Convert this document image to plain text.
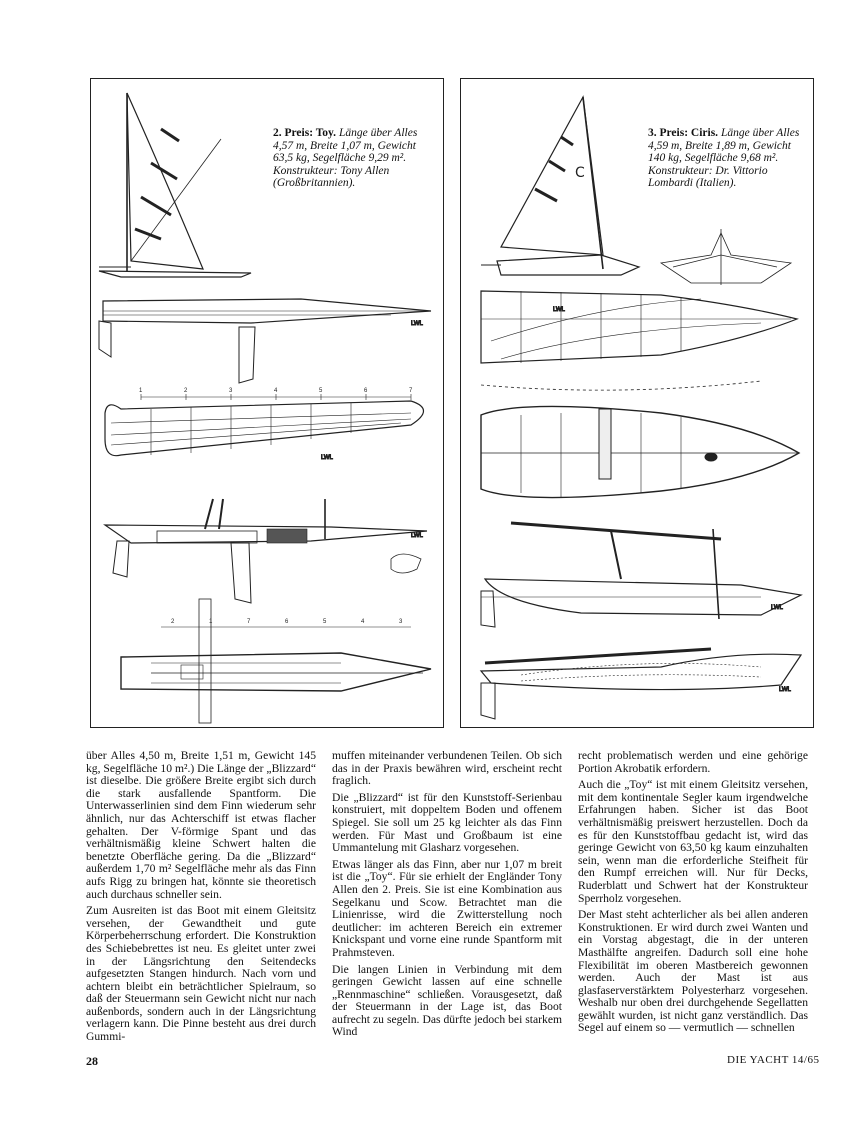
2. Preis: Toy. Länge über Alles 4,57 m, Breite 1,07 m, Gewicht 63,5 kg, Segelfläche 9,29 m². Konstrukteur: Tony Allen (Großbritannien).
LWL
1	2	3	4	5	6	7
LWL
LWL
2	1	7	6	5	4	3
3. Preis: Ciris. Länge über Alles 4,59 m, Breite 1,89 m, Gewicht 140 kg, Segelfläche 9,68 m². Konstrukteur: Dr. Vittorio Lombardi (Italien).
C
LWL
LWL
LWL

über Alles 4,50 m, Breite 1,51 m, Gewicht 145 kg, Segelfläche 10 m².) Die Länge der „Blizzard“ ist dieselbe. Die größere Breite ergibt sich durch die stark ausfallende Spantform. Die Unterwasserlinien sind dem Finn wiederum sehr ähnlich, nur das Achterschiff ist etwas flacher gehalten. Der V-förmige Spant und das verhältnismäßig kleine Schwert halten die benetzte Oberfläche gering. Da die „Blizzard“ außerdem 1,70 m² Segelfläche mehr als das Finn aufs Rigg zu bringen hat, könnte sie theoretisch auch durchaus schneller sein.

Zum Ausreiten ist das Boot mit einem Gleitsitz versehen, der Gewandtheit und gute Körperbeherrschung erfordert. Die Konstruktion des Schiebebrettes ist neu. Es gleitet unter zwei in der Längsrichtung den Seitendecks aufgesetzten Stangen hindurch. Nach vorn und achtern bleibt ein beträchtlicher Spielraum, so daß der Steuermann sein Gewicht nicht nur nach außenbords, sondern auch in der Längsrichtung verlagern kann. Die Pinne besteht aus drei durch Gummi-

muffen miteinander verbundenen Teilen. Ob sich das in der Praxis bewähren wird, erscheint recht fraglich.

Die „Blizzard“ ist für den Kunststoff-Serienbau konstruiert, mit doppeltem Boden und offenem Spiegel. Sie soll um 25 kg leichter als das Finn werden. Für Mast und Großbaum ist eine Ummantelung mit Glasharz vorgesehen.

Etwas länger als das Finn, aber nur 1,07 m breit ist die „Toy“. Für sie erhielt der Engländer Tony Allen den 2. Preis. Sie ist eine Kombination aus Segelkanu und Scow. Betrachtet man die Linienrisse, wird die Zwitterstellung noch deutlicher: im achteren Bereich ein extremer Knickspant und vorne eine runde Spantform mit Prahmsteven.

Die langen Linien in Verbindung mit dem geringen Gewicht lassen auf eine schnelle „Rennmaschine“ schließen. Vorausgesetzt, daß der Steuermann in der Lage ist, das Boot aufrecht zu segeln. Das dürfte jedoch bei starkem Wind

recht problematisch werden und eine gehörige Portion Akrobatik erfordern.

Auch die „Toy“ ist mit einem Gleitsitz versehen, mit dem kontinentale Segler kaum irgendwelche Erfahrungen haben. Sicher ist das Boot verhältnismäßig preiswert herzustellen. Doch da es für den Kunststoffbau gedacht ist, wird das geringe Gewicht von 63,50 kg kaum einzuhalten sein, wenn man die erforderliche Steifheit für den Rumpf erreichen will. Nur für Decks, Ruderblatt und Schwert hat der Konstrukteur Sperrholz vorgesehen.

Der Mast steht achterlicher als bei allen anderen Konstruktionen. Er wird durch zwei Wanten und ein Vorstag abgestagt, die in der unteren Masthälfte angreifen. Dadurch soll eine hohe Flexibilität im oberen Mastbereich gewonnen werden. Auch der Mast ist aus glasfaserverstärktem Polyesterharz vorgesehen. Weshalb nur oben drei durchgehende Segellatten gewählt wurden, ist nicht ganz verständlich. Das Segel auf einem so — vermutlich — schnellen

28	DIE YACHT 14/65
